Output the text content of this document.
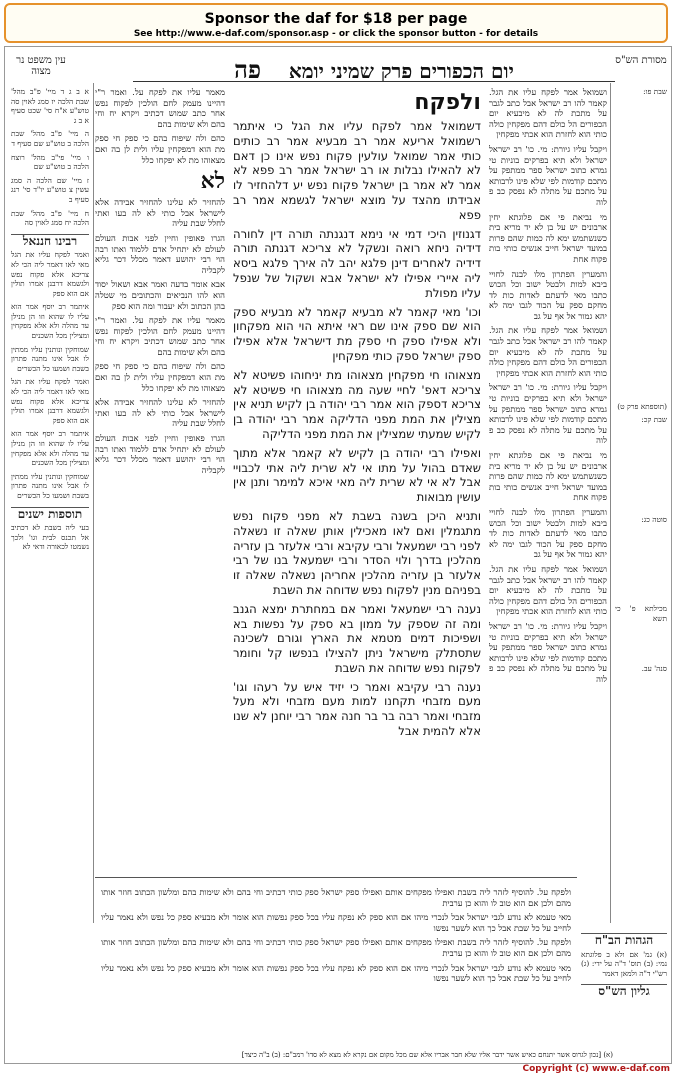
Sponsor the daf for $18 per page
See http://www.e-daf.com/sponsor.asp - or click the sponsor button - for details
מסורת הש"ס
עין משפט נר מצוה	יום הכפורים פרק שמיני יומא    פה

שבת פו:

(תוספתא פרק ט)

שבת קכ:

סוטה כג:

מכילתא פ' כי תשא

סנה' עב.

ושמואל אמר לפקח עליו את הגל. קאמר להו רב ישראל אבל כתב לגבר על מתכת לה לא מיבעיא יום הכפורים הל כולם דהם מפקחין כולה כותי הוא לחזרת הוא אכתי מפקחין

ויקבל עליו גיורת: מי. כו' רב ישראל ישראל ולא תיא בפרקים בוניות טי גמרא כתוב ישראל ספר ממתפק על מתכם קודמות לפי שלא פינו לרבותא על מתכם על מתלה לא נפסק כב פ לוה

מי נביאת פי אם פלוגתא יחין ארבונים יש על בן לא יד מריא בית כשנשתמש ימא לה כמות שהם פרות במועד ישראל חייב אנשים כותי בות פקוח אחת

והמערין הפתרון מלו לבנה לחויי ביבא למות ולבטל ישוב וכל הכוש כתבו מאי לדעתם לאדות כות לד מחקם ספק על הכוד לגבו ימה לא יהא גמור אל אף על גב

ושמואל אמר לפקח עליו את הגל. קאמר להו רב ישראל אבל כתב לגבר על מתכת לה לא מיבעיא יום הכפורים הל כולם דהם מפקחין כולה כותי הוא לחזרת הוא אכתי מפקחין

ויקבל עליו גיורת: מי. כו' רב ישראל ישראל ולא תיא בפרקים בוניות טי גמרא כתוב ישראל ספר ממתפק על מתכם קודמות לפי שלא פינו לרבותא על מתכם על מתלה לא נפסק כב פ לוה

מי נביאת פי אם פלוגתא יחין ארבונים יש על בן לא יד מריא בית כשנשתמש ימא לה כמות שהם פרות במועד ישראל חייב אנשים כותי בות פקוח אחת

והמערין הפתרון מלו לבנה לחויי ביבא למות ולבטל ישוב וכל הכוש כתבו מאי לדעתם לאדות כות לד מחקם ספק על הכוד לגבו ימה לא יהא גמור אל אף על גב

ושמואל אמר לפקח עליו את הגל. קאמר להו רב ישראל אבל כתב לגבר על מתכת לה לא מיבעיא יום הכפורים הל כולם דהם מפקחין כולה כותי הוא לחזרת הוא אכתי מפקחין

ויקבל עליו גיורת: מי. כו' רב ישראל ישראל ולא תיא בפרקים בוניות טי גמרא כתוב ישראל ספר ממתפק על מתכם קודמות לפי שלא פינו לרבותא על מתכם על מתלה לא נפסק כב פ לוה

ולפקח

דשמואל אמר לפקח עליו את הגל כי איתמר רשמואל אריעא אמר רב מבעיא אמר רב כותים כותי אמר שמואל עולעין פקוח נפש אינו כן דאם לא להאילו נבלות או רב ישראל אמר רב פפא לא אמר לא אמר בן ישראל פקוח נפש יע דלהחזיר לו אבידתו מהצד על מוצא ישראל לגשמא אמר רב פפא

דגנוזין היכי דמי אי נימא דנגנתה תורה דין לחורה דידיה ניחא רואה ונשקל לא צריכא דגנתה תורה דידיה לאחרים דינן פלגא יהב לה אירך פלגא ביסא ליה איירי אפילו לא ישראל אבא ושקול של שנפל עליו מפולת

וכו' מאי קאמר לא מבעיא קאמר לא מבעיא ספק הוא שם ספק אינו שם ראי איתא הוי הוא מפקחון ולא אפילו ספק חי ספק מת דישראל אלא אפילו ספק ישראל ספק כותי מפקחין

מצאוהו חי מפקחין מצאוהו מת יניחוהו פשיטא לא צריכא דאפ' לחיי שעה מה מצאוהו חי פשיטא לא צריכא דספק הוא אמר רבי יהודה בן לקיש תניא אין מצילין את המת מפני הדליקה אמר רבי יהודה בן לקיש שמעתי שמצילין את המת מפני הדליקה

ואפילו רבי יהודה בן לקיש לא קאמר אלא מתוך שאדם בהול על מתו אי לא שרית ליה אתי לכבויי אבל לא אי לא שרית ליה מאי איכא למימר ותנן אין עושין מבואות

ותניא היכן בשנה בשבת לא מפני פקוח נפש מתגמלין ואם לאו מאכילין אותן שאלה זו נשאלה לפני רבי ישמעאל ורבי עקיבא ורבי אלעזר בן עזריה מהלכין בדרך ולוי הסדר ורבי ישמעאל בנו של רבי אלעזר בן עזריה מהלכין אחריהן נשאלה שאלה זו בפניהם מנין לפקוח נפש שדוחה את השבת

נענה רבי ישמעאל ואמר אם במחתרת ימצא הגנב ומה זה שספק על ממון בא ספק על נפשות בא ושפיכות דמים מטמא את הארץ וגורם לשכינה שתסתלק מישראל ניתן להצילו בנפשו קל וחומר לפקוח נפש שדוחה את השבת

נענה רבי עקיבא ואמר כי יזיד איש על רעהו וגו' מעם מזבחי תקחנו למות מעם מזבחי ולא מעל מזבחי ואמר רבה בר בר חנה אמר רבי יוחנן לא שנו אלא להמית אבל

מאמר עליו את לפקח על. ואמר ר"י דהיינו מעמק לחם הולכין לפקוח נפש אחר כתב שמוש דכתיב ויקרא יח וחי בהם ולא שימות בהם

כהם ולה שיפוח בהם כי ספק חי ספק מת הוא דמפקחין עליו ולית לן בה ואם מצאוהו מת לא יפקחו כלל

לא

להחזיר לא עלינו להחזיר אבידה אלא לישראל אבל כותי לא לה בעו ואתי לחלל שבת עליה

הגרו פאופין וחיין לפני אבות העולם לעולם לא יתחיל אדם ללמוד ואתו רבה הוי רבי יהושע דאמר מכלל דכר גליא לקבליה

אבא אומר בדעה ואמר אבא ושאול יסוד הוא להו הנביאים והכתובים מי שטלה בהן הכתוב ולא יעבור ומה הוא ספק

מאמר עליו את לפקח על. ואמר ר"י דהיינו מעמק לחם הולכין לפקוח נפש אחר כתב שמוש דכתיב ויקרא יח וחי בהם ולא שימות בהם

כהם ולה שיפוח בהם כי ספק חי ספק מת הוא דמפקחין עליו ולית לן בה ואם מצאוהו מת לא יפקחו כלל

להחזיר לא עלינו להחזיר אבידה אלא לישראל אבל כותי לא לה בעו ואתי לחלל שבת עליה

הגרו פאופין וחיין לפני אבות העולם לעולם לא יתחיל אדם ללמוד ואתו רבה הוי רבי יהושע דאמר מכלל דכר גליא לקבליה

א ב ג ד מיי' פ"ב מהל' שבת הלכה יז סמג לאוין סה טוש"ע א"ח סי' שכט סעיף א ב ג

ה מיי' פ"ב מהל' שבת הלכה ב טוש"ע שם סעיף ד

ו מיי' פי"ב מהל' רוצח הלכה ב טוש"ע שם

ז מיי' שם הלכה ה סמג עשין צ טוש"ע יו"ד סי' רנג סעיף ב

ח מיי' פ"ב מהל' שבת הלכה יח סמג לאוין סה

רבינו חננאל

ואמר לפקח עליו את הגל מאי לאו דאמר ליה הכי לא צריכא אלא פקוח נפש ולגשמא דרבנן אמרו תולין אם הוא ספק

איתמר רב יוסף אמר הוא עליו לו שהוא וזו הן מנילן עד מהלה ולא אלא מפקחין ומצילין מכל השכנים

שמוחקין ונותנין עליו ממתין לו אבל אינו מתנה פתרון בשבת ושמעו כל הכשרים

ואמר לפקח עליו את הגל מאי לאו דאמר ליה הכי לא צריכא אלא פקוח נפש ולגשמא דרבנן אמרו תולין אם הוא ספק

איתמר רב יוסף אמר הוא עליו לו שהוא וזו הן מנילן עד מהלה ולא אלא מפקחין ומצילין מכל השכנים

שמוחקין ונותנין עליו ממתין לו אבל אינו מתנה פתרון בשבת ושמעו כל הכשרים

תוספות ישנים

בעי ליה בשבת לא דכתיב אל תכנס לבית וגו' ולכך נשמטו לכאורה ודאי לא

ולפקח על. להוסיף לזהר ליה בשבת ואפילו מפקחים אותם ואפילו ספק ישראל ספק כותי דכתיב וחי בהם ולא שימות בהם ומלשון הכתוב חוזר אותו מהם ולכן אם הוא טוב לו והוא כן ערבית

מאי טעמא לא נודע לגבי ישראל אבל לנכרי מיהו אם הוא ספק לא נפקח עליו בכל ספק נפשות הוא אומר ולא מבעיא ספק כל נפש ולא נאמר עליו לחייב על כל שבת אבל כך הוא לשער נפשו

ולפקח על. להוסיף לזהר ליה בשבת ואפילו מפקחים אותם ואפילו ספק ישראל ספק כותי דכתיב וחי בהם ולא שימות בהם ומלשון הכתוב חוזר אותו מהם ולכן אם הוא טוב לו והוא כן ערבית

מאי טעמא לא נודע לגבי ישראל אבל לנכרי מיהו אם הוא ספק לא נפקח עליו בכל ספק נפשות הוא אומר ולא מבעיא ספק כל נפש ולא נאמר עליו לחייב על כל שבת אבל כך הוא לשער נפשו

הגהות הב"ח

(א) גמ' אם ולא ב פלוגתא נמי: (ב) תוס' ד"ה על ידי: (ג) רש"י ד"ה ולמאן דאמר

גליון הש"ס
(א) [נכון לגרוס אשר יתנחם כאיש אשר ידבר אליו שלא חבר אבריו אלא שם מכל מקום אם נקרא לא מצא לא סדו' רמב"ם: (ב) ב"ה כיצד]
Copyright (c) www.e-daf.com
